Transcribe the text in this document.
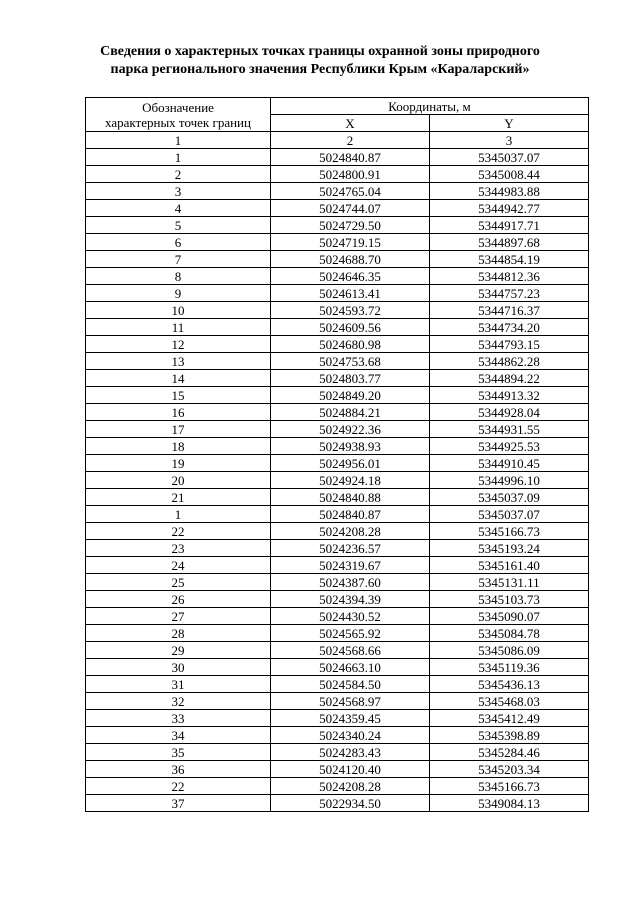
Сведения о характерных точках границы охранной зоны природного
парка регионального значения Республики Крым «Караларский»
Обозначение
характерных точек границ	Координаты, м	
	X	Y
1	2	3
1	5024840.87	5345037.07
2	5024800.91	5345008.44
3	5024765.04	5344983.88
4	5024744.07	5344942.77
5	5024729.50	5344917.71
6	5024719.15	5344897.68
7	5024688.70	5344854.19
8	5024646.35	5344812.36
9	5024613.41	5344757.23
10	5024593.72	5344716.37
11	5024609.56	5344734.20
12	5024680.98	5344793.15
13	5024753.68	5344862.28
14	5024803.77	5344894.22
15	5024849.20	5344913.32
16	5024884.21	5344928.04
17	5024922.36	5344931.55
18	5024938.93	5344925.53
19	5024956.01	5344910.45
20	5024924.18	5344996.10
21	5024840.88	5345037.09
1	5024840.87	5345037.07
22	5024208.28	5345166.73
23	5024236.57	5345193.24
24	5024319.67	5345161.40
25	5024387.60	5345131.11
26	5024394.39	5345103.73
27	5024430.52	5345090.07
28	5024565.92	5345084.78
29	5024568.66	5345086.09
30	5024663.10	5345119.36
31	5024584.50	5345436.13
32	5024568.97	5345468.03
33	5024359.45	5345412.49
34	5024340.24	5345398.89
35	5024283.43	5345284.46
36	5024120.40	5345203.34
22	5024208.28	5345166.73
37	5022934.50	5349084.13
